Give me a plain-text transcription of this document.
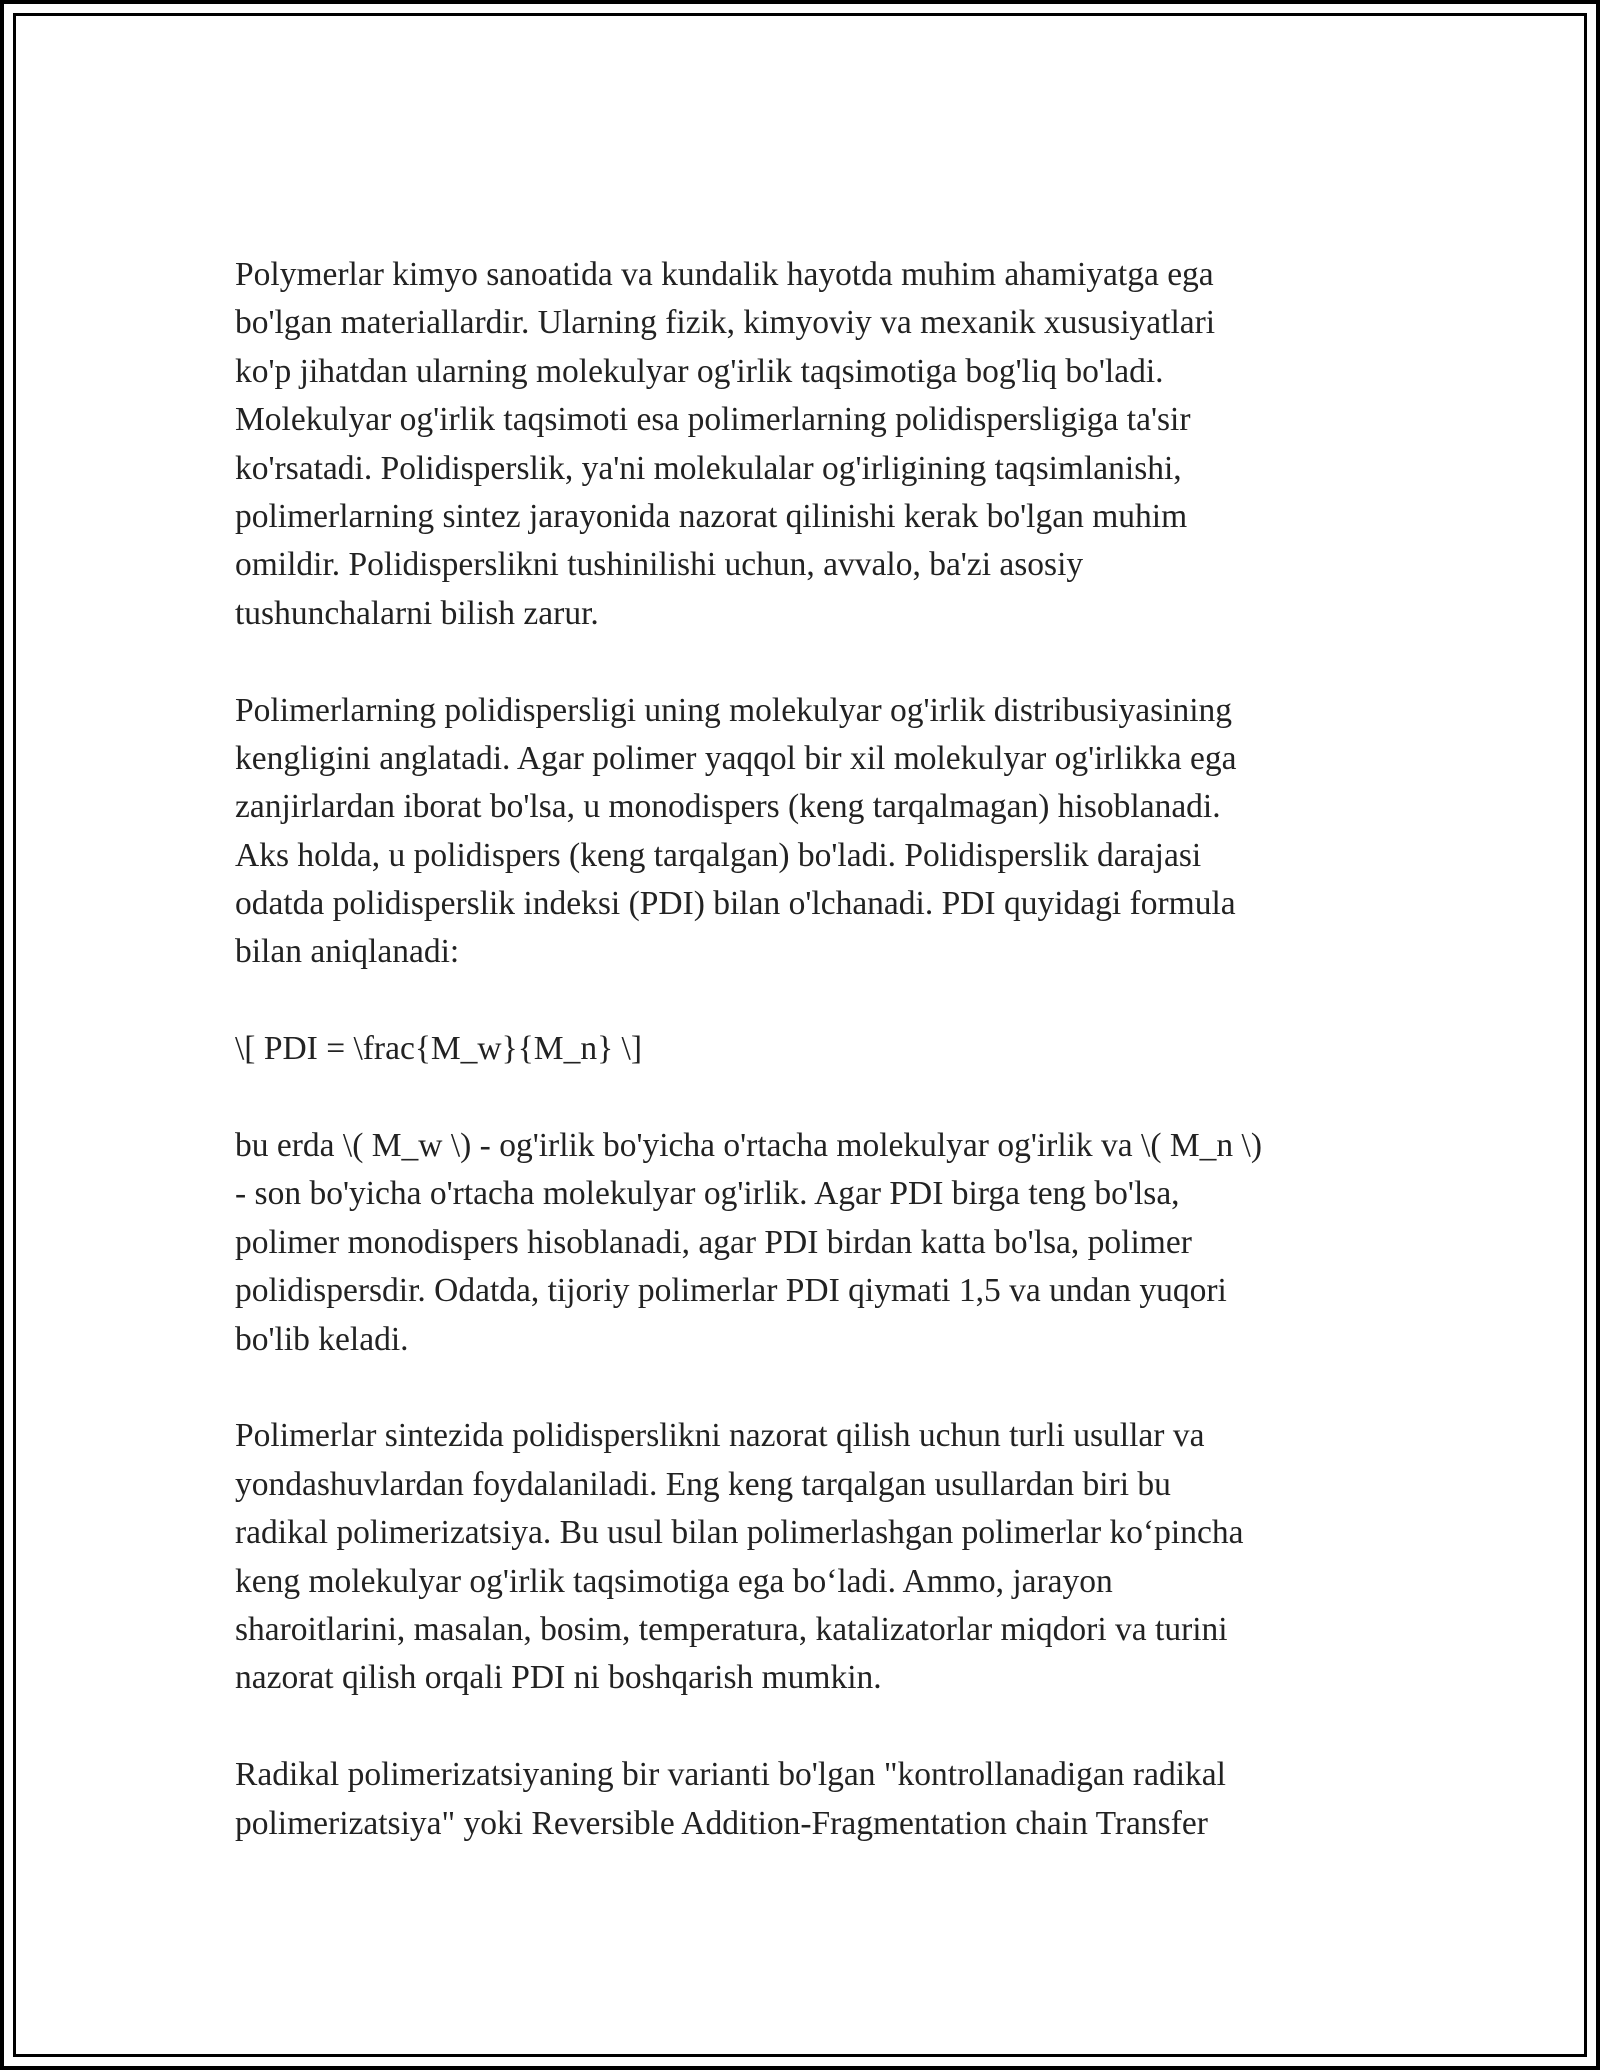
Polymerlar kimyo sanoatida va kundalik hayotda muhim ahamiyatga ega
bo'lgan materiallardir. Ularning fizik, kimyoviy va mexanik xususiyatlari
ko'p jihatdan ularning molekulyar og'irlik taqsimotiga bog'liq bo'ladi.
Molekulyar og'irlik taqsimoti esa polimerlarning polidispersligiga ta'sir
ko'rsatadi. Polidisperslik, ya'ni molekulalar og'irligining taqsimlanishi,
polimerlarning sintez jarayonida nazorat qilinishi kerak bo'lgan muhim
omildir. Polidisperslikni tushinilishi uchun, avvalo, ba'zi asosiy
tushunchalarni bilish zarur.

Polimerlarning polidispersligi uning molekulyar og'irlik distribusiyasining
kengligini anglatadi. Agar polimer yaqqol bir xil molekulyar og'irlikka ega
zanjirlardan iborat bo'lsa, u monodispers (keng tarqalmagan) hisoblanadi.
Aks holda, u polidispers (keng tarqalgan) bo'ladi. Polidisperslik darajasi
odatda polidisperslik indeksi (PDI) bilan o'lchanadi. PDI quyidagi formula
bilan aniqlanadi:

\[ PDI = \frac{M_w}{M_n} \]

bu erda \( M_w \) - og'irlik bo'yicha o'rtacha molekulyar og'irlik va \( M_n \)
- son bo'yicha o'rtacha molekulyar og'irlik. Agar PDI birga teng bo'lsa,
polimer monodispers hisoblanadi, agar PDI birdan katta bo'lsa, polimer
polidispersdir. Odatda, tijoriy polimerlar PDI qiymati 1,5 va undan yuqori
bo'lib keladi.

Polimerlar sintezida polidisperslikni nazorat qilish uchun turli usullar va
yondashuvlardan foydalaniladi. Eng keng tarqalgan usullardan biri bu
radikal polimerizatsiya. Bu usul bilan polimerlashgan polimerlar koʻpincha
keng molekulyar og'irlik taqsimotiga ega boʻladi. Ammo, jarayon
sharoitlarini, masalan, bosim, temperatura, katalizatorlar miqdori va turini
nazorat qilish orqali PDI ni boshqarish mumkin.

Radikal polimerizatsiyaning bir varianti bo'lgan "kontrollanadigan radikal
polimerizatsiya" yoki Reversible Addition-Fragmentation chain Transfer
